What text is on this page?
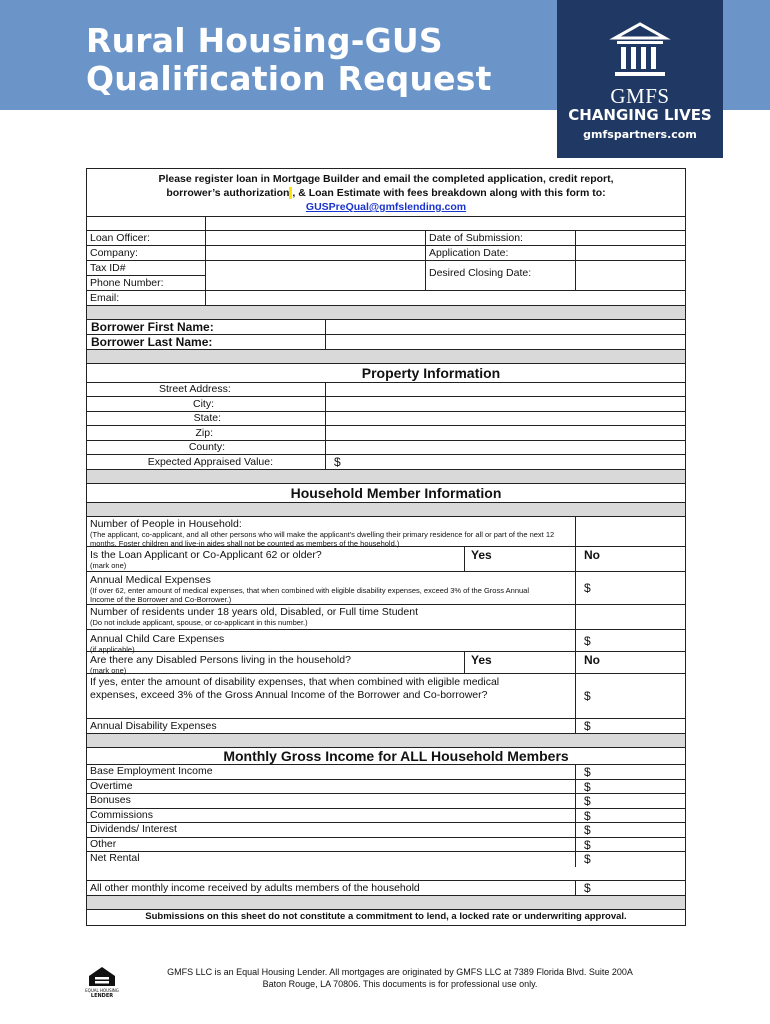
Rural Housing-GUS
Qualification Request	GMFS
CHANGING LIVES
gmfspartners.com
Please register loan in Mortgage Builder and email the completed application, credit report,
borrower’s authorization , & Loan Estimate with fees breakdown along with this form to:
GUSPreQual@gmfslending.com
Loan Officer:	Date of Submission:
Company:	Application Date:
Tax ID#
Phone Number:
Desired Closing Date:
Email:
Borrower First Name:
Borrower Last Name:
Property Information
Street Address:
City:
State:
Zip:
County:
Expected Appraised Value:	$
Household Member Information
Number of People in Household:
(The applicant, co-applicant, and all other persons who will make the applicant's dwelling their primary residence for all or part of the next 12 months. Foster children and live-in aides shall not be counted as members of the household.)
Is the Loan Applicant or Co-Applicant 62 or older?
(mark one)
Yes	No
Annual Medical Expenses
(If over 62, enter amount of medical expenses, that when combined with eligible disability expenses, exceed 3% of the Gross Annual Income of the Borrower and Co-Borrower.)
$
Number of residents under 18 years old, Disabled, or Full time Student
(Do not include applicant, spouse, or co-applicant in this number.)
Annual Child Care Expenses
(if applicable)
$
Are there any Disabled Persons living in the household?
(mark one)
Yes	No
If yes, enter the amount of disability expenses, that when combined with eligible medical expenses, exceed 3% of the Gross Annual Income of the Borrower and Co-borrower?	$
Annual Disability Expenses	$
Monthly Gross Income for ALL Household Members
Base Employment Income	$
Overtime	$
Bonuses	$
Commissions	$
Dividends/ Interest	$
Other	$
Net Rental	$
All other monthly income received by adults members of the household	$
Submissions on this sheet do not constitute a commitment to lend, a locked rate or underwriting approval.
EQUAL HOUSING
LENDER
GMFS LLC is an Equal Housing Lender. All mortgages are originated by GMFS LLC at 7389 Florida Blvd. Suite 200A
Baton Rouge, LA 70806. This documents is for professional use only.
